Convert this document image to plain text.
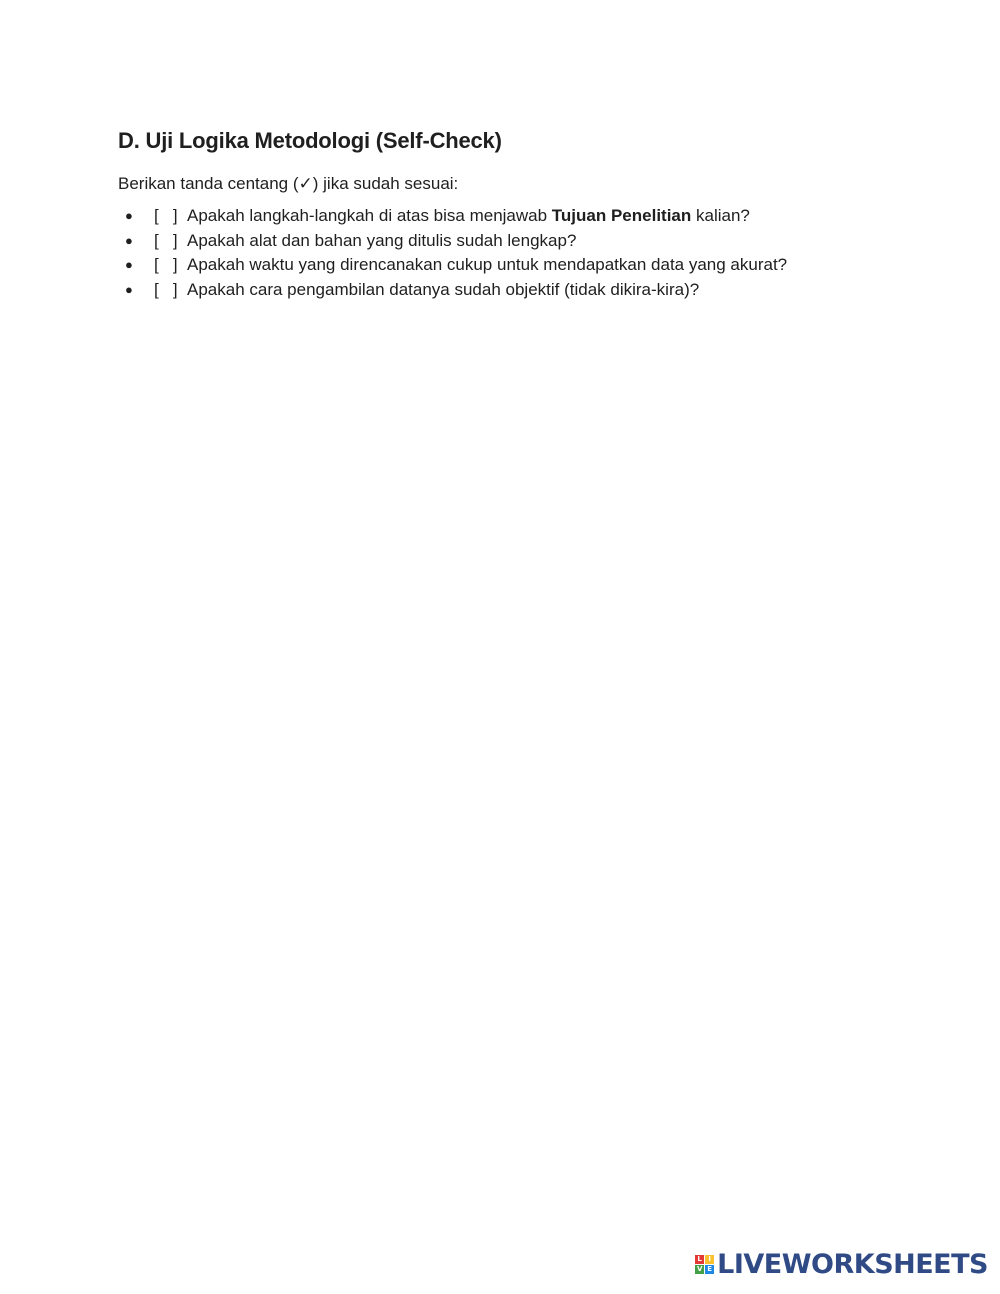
D. Uji Logika Metodologi (Self-Check)

Berikan tanda centang (✓) jika sudah sesuai:

● [   ] Apakah langkah-langkah di atas bisa menjawab Tujuan Penelitian kalian?
● [   ] Apakah alat dan bahan yang ditulis sudah lengkap?
● [   ] Apakah waktu yang direncanakan cukup untuk mendapatkan data yang akurat?
● [   ] Apakah cara pengambilan datanya sudah objektif (tidak dikira-kira)?
L I
V E LIVEWORKSHEETS
